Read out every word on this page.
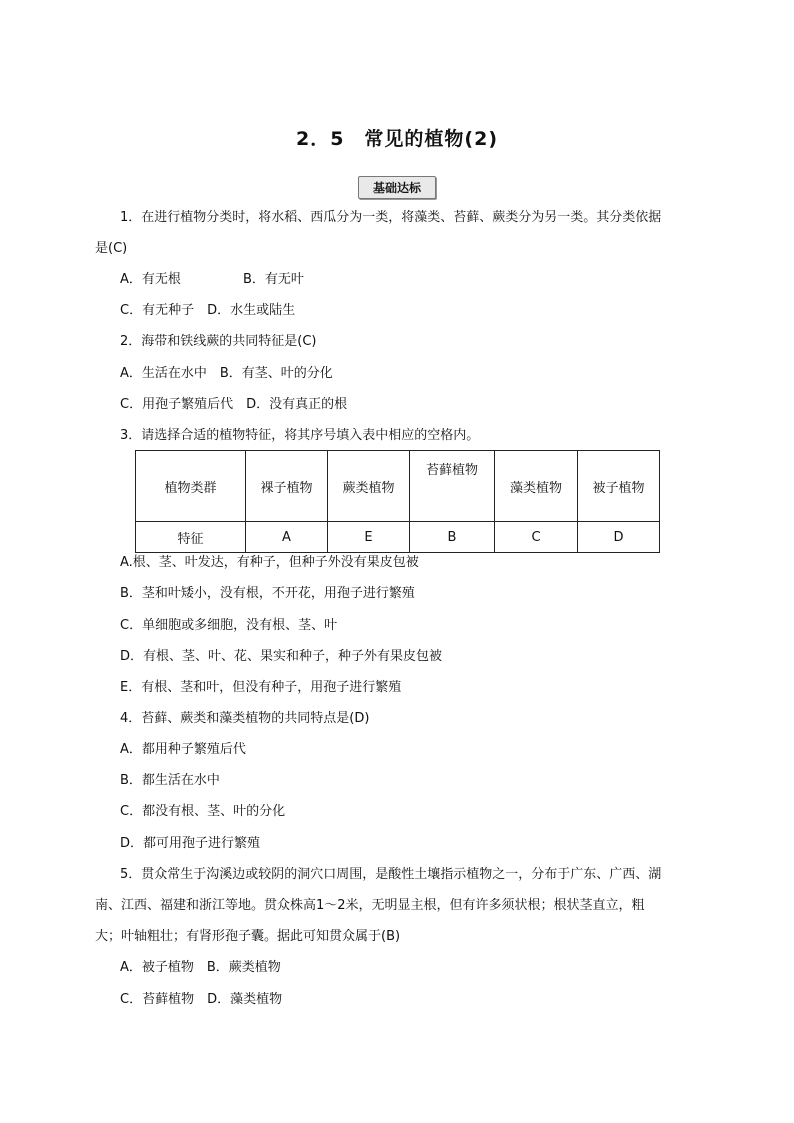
2．5　常见的植物(2)
基础达标
1．在进行植物分类时，将水稻、西瓜分为一类，将藻类、苔藓、蕨类分为另一类。其分类依据
是(C)
A．有无根	B．有无叶
C．有无种子　D．水生或陆生
2．海带和铁线蕨的共同特征是(C)
A．生活在水中　B．有茎、叶的分化
C．用孢子繁殖后代　D．没有真正的根
3．请选择合适的植物特征，将其序号填入表中相应的空格内。
植物类群	裸子植物	蕨类植物	苔藓植物	藻类植物	被子植物
特征	A	E	B	C	D
A.根、茎、叶发达，有种子，但种子外没有果皮包被
B．茎和叶矮小，没有根，不开花，用孢子进行繁殖
C．单细胞或多细胞，没有根、茎、叶
D．有根、茎、叶、花、果实和种子，种子外有果皮包被
E．有根、茎和叶，但没有种子，用孢子进行繁殖
4．苔藓、蕨类和藻类植物的共同特点是(D)
A．都用种子繁殖后代
B．都生活在水中
C．都没有根、茎、叶的分化
D．都可用孢子进行繁殖
5．贯众常生于沟溪边或较阴的洞穴口周围，是酸性土壤指示植物之一，分布于广东、广西、湖
南、江西、福建和浙江等地。贯众株高1～2米，无明显主根，但有许多须状根；根状茎直立，粗
大；叶轴粗壮；有肾形孢子囊。据此可知贯众属于(B)
A．被子植物　B．蕨类植物
C．苔藓植物　D．藻类植物
